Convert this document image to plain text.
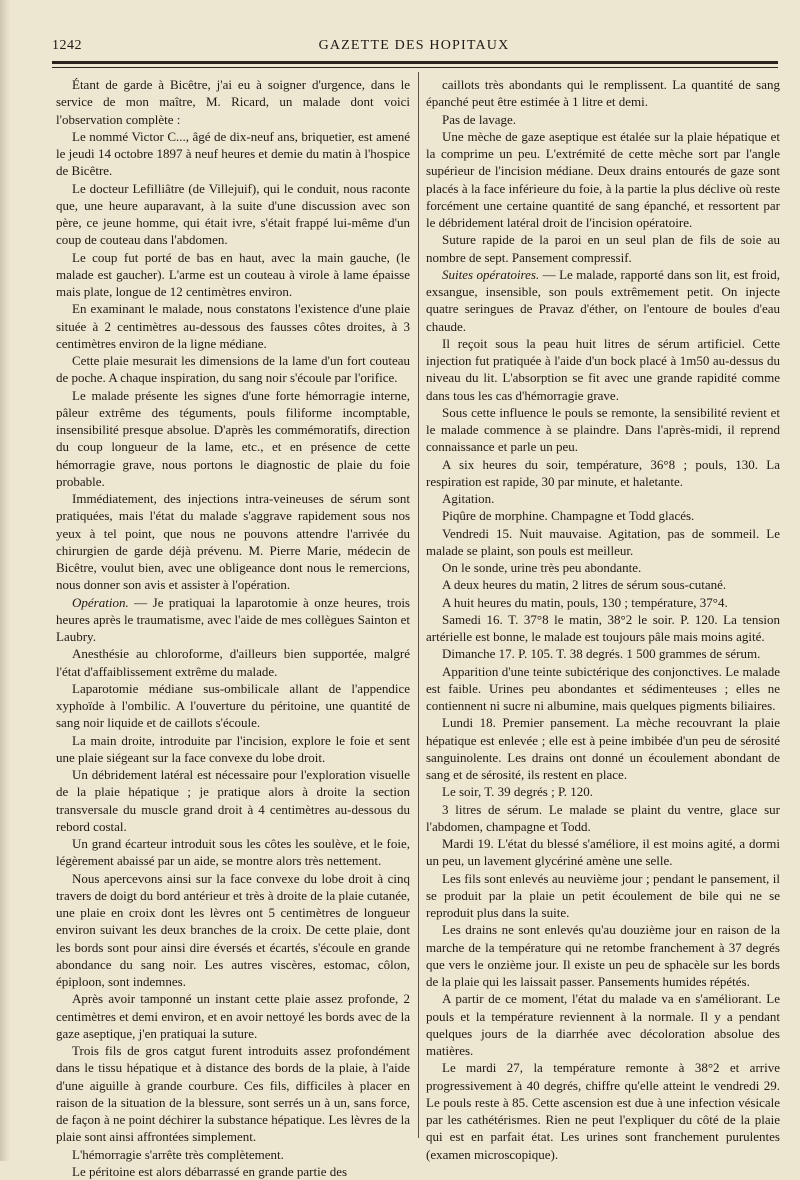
1242	GAZETTE DES HOPITAUX

Étant de garde à Bicêtre, j'ai eu à soigner d'urgence, dans le service de mon maître, M. Ricard, un malade dont voici l'observation complète :

Le nommé Victor C..., âgé de dix-neuf ans, briquetier, est amené le jeudi 14 octobre 1897 à neuf heures et demie du matin à l'hospice de Bicêtre.

Le docteur Lefilliâtre (de Villejuif), qui le conduit, nous raconte que, une heure auparavant, à la suite d'une discussion avec son père, ce jeune homme, qui était ivre, s'était frappé lui-même d'un coup de couteau dans l'abdomen.

Le coup fut porté de bas en haut, avec la main gauche, (le malade est gaucher). L'arme est un couteau à virole à lame épaisse mais plate, longue de 12 centimètres environ.

En examinant le malade, nous constatons l'existence d'une plaie située à 2 centimètres au-dessous des fausses côtes droites, à 3 centimètres environ de la ligne médiane.

Cette plaie mesurait les dimensions de la lame d'un fort couteau de poche. A chaque inspiration, du sang noir s'écoule par l'orifice.

Le malade présente les signes d'une forte hémorragie interne, pâleur extrême des téguments, pouls filiforme incomptable, insensibilité presque absolue. D'après les commémoratifs, direction du coup longueur de la lame, etc., et en présence de cette hémorragie grave, nous portons le diagnostic de plaie du foie probable.

Immédiatement, des injections intra-veineuses de sérum sont pratiquées, mais l'état du malade s'aggrave rapidement sous nos yeux à tel point, que nous ne pouvons attendre l'arrivée du chirurgien de garde déjà prévenu. M. Pierre Marie, médecin de Bicêtre, voulut bien, avec une obligeance dont nous le remercions, nous donner son avis et assister à l'opération.

Opération. — Je pratiquai la laparotomie à onze heures, trois heures après le traumatisme, avec l'aide de mes collègues Sainton et Laubry.

Anesthésie au chloroforme, d'ailleurs bien supportée, malgré l'état d'affaiblissement extrême du malade.

Laparotomie médiane sus-ombilicale allant de l'appendice xyphoïde à l'ombilic. A l'ouverture du péritoine, une quantité de sang noir liquide et de caillots s'écoule.

La main droite, introduite par l'incision, explore le foie et sent une plaie siégeant sur la face convexe du lobe droit.

Un débridement latéral est nécessaire pour l'exploration visuelle de la plaie hépatique ; je pratique alors à droite la section transversale du muscle grand droit à 4 centimètres au-dessous du rebord costal.

Un grand écarteur introduit sous les côtes les soulève, et le foie, légèrement abaissé par un aide, se montre alors très nettement.

Nous apercevons ainsi sur la face convexe du lobe droit à cinq travers de doigt du bord antérieur et très à droite de la plaie cutanée, une plaie en croix dont les lèvres ont 5 centimètres de longueur environ suivant les deux branches de la croix. De cette plaie, dont les bords sont pour ainsi dire éversés et écartés, s'écoule en grande abondance du sang noir. Les autres viscères, estomac, côlon, épiploon, sont indemnes.

Après avoir tamponné un instant cette plaie assez profonde, 2 centimètres et demi environ, et en avoir nettoyé les bords avec de la gaze aseptique, j'en pratiquai la suture.

Trois fils de gros catgut furent introduits assez profondément dans le tissu hépatique et à distance des bords de la plaie, à l'aide d'une aiguille à grande courbure. Ces fils, difficiles à placer en raison de la situation de la blessure, sont serrés un à un, sans force, de façon à ne point déchirer la substance hépatique. Les lèvres de la plaie sont ainsi affrontées simplement.

L'hémorragie s'arrête très complètement.

Le péritoine est alors débarrassé en grande partie des

caillots très abondants qui le remplissent. La quantité de sang épanché peut être estimée à 1 litre et demi.

Pas de lavage.

Une mèche de gaze aseptique est étalée sur la plaie hépatique et la comprime un peu. L'extrémité de cette mèche sort par l'angle supérieur de l'incision médiane. Deux drains entourés de gaze sont placés à la face inférieure du foie, à la partie la plus déclive où reste forcément une certaine quantité de sang épanché, et ressortent par le débridement latéral droit de l'incision opératoire.

Suture rapide de la paroi en un seul plan de fils de soie au nombre de sept. Pansement compressif.

Suites opératoires. — Le malade, rapporté dans son lit, est froid, exsangue, insensible, son pouls extrêmement petit. On injecte quatre seringues de Pravaz d'éther, on l'entoure de boules d'eau chaude.

Il reçoit sous la peau huit litres de sérum artificiel. Cette injection fut pratiquée à l'aide d'un bock placé à 1m50 au-dessus du niveau du lit. L'absorption se fit avec une grande rapidité comme dans tous les cas d'hémorragie grave.

Sous cette influence le pouls se remonte, la sensibilité revient et le malade commence à se plaindre. Dans l'après-midi, il reprend connaissance et parle un peu.

A six heures du soir, température, 36°8 ; pouls, 130. La respiration est rapide, 30 par minute, et haletante.

Agitation.

Piqûre de morphine. Champagne et Todd glacés.

Vendredi 15. Nuit mauvaise. Agitation, pas de sommeil. Le malade se plaint, son pouls est meilleur.

On le sonde, urine très peu abondante.

A deux heures du matin, 2 litres de sérum sous-cutané.

A huit heures du matin, pouls, 130 ; température, 37°4.

Samedi 16. T. 37°8 le matin, 38°2 le soir. P. 120. La tension artérielle est bonne, le malade est toujours pâle mais moins agité.

Dimanche 17. P. 105. T. 38 degrés. 1 500 grammes de sérum.

Apparition d'une teinte subictérique des conjonctives. Le malade est faible. Urines peu abondantes et sédimenteuses ; elles ne contiennent ni sucre ni albumine, mais quelques pigments biliaires.

Lundi 18. Premier pansement. La mèche recouvrant la plaie hépatique est enlevée ; elle est à peine imbibée d'un peu de sérosité sanguinolente. Les drains ont donné un écoulement abondant de sang et de sérosité, ils restent en place.

Le soir, T. 39 degrés ; P. 120.

3 litres de sérum. Le malade se plaint du ventre, glace sur l'abdomen, champagne et Todd.

Mardi 19. L'état du blessé s'améliore, il est moins agité, a dormi un peu, un lavement glycériné amène une selle.

Les fils sont enlevés au neuvième jour ; pendant le pansement, il se produit par la plaie un petit écoulement de bile qui ne se reproduit plus dans la suite.

Les drains ne sont enlevés qu'au douzième jour en raison de la marche de la température qui ne retombe franchement à 37 degrés que vers le onzième jour. Il existe un peu de sphacèle sur les bords de la plaie qui les laissait passer. Pansements humides répétés.

A partir de ce moment, l'état du malade va en s'améliorant. Le pouls et la température reviennent à la normale. Il y a pendant quelques jours de la diarrhée avec décoloration absolue des matières.

Le mardi 27, la température remonte à 38°2 et arrive progressivement à 40 degrés, chiffre qu'elle atteint le vendredi 29. Le pouls reste à 85. Cette ascension est due à une infection vésicale par les cathétérismes. Rien ne peut l'expliquer du côté de la plaie qui est en parfait état. Les urines sont franchement purulentes (examen microscopique).
